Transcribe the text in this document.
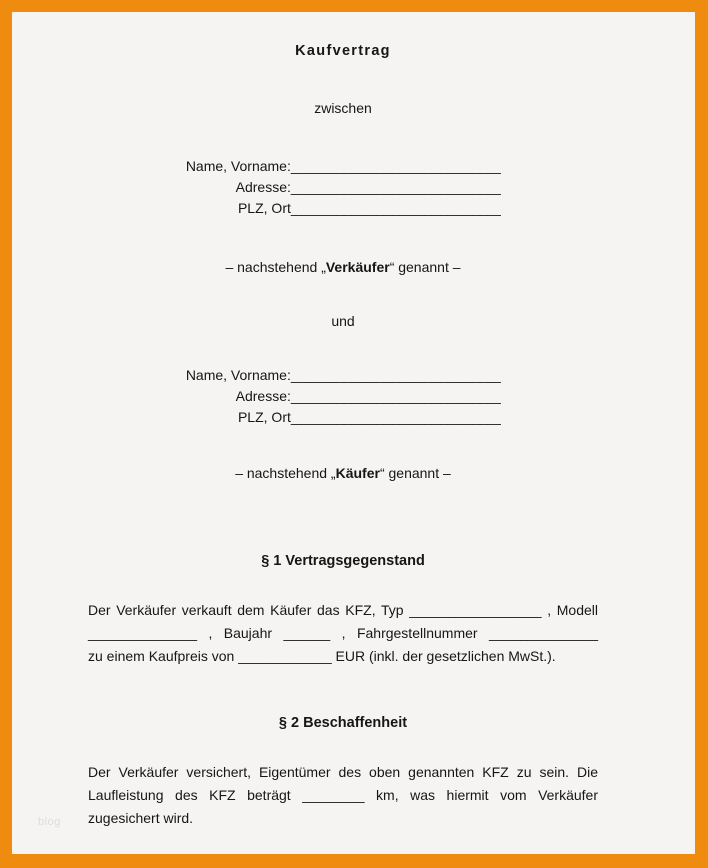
Kaufvertrag
zwischen
Name, Vorname: __________________________
Adresse: __________________________
PLZ, Ort __________________________
– nachstehend „Verkäufer“ genannt –
und
Name, Vorname: __________________________
Adresse: __________________________
PLZ, Ort __________________________
– nachstehend „Käufer“ genannt –
§ 1 Vertragsgegenstand
Der Verkäufer verkauft dem Käufer das KFZ, Typ _________________ , Modell
______________ , Baujahr ______ , Fahrgestellnummer ______________
zu einem Kaufpreis von ____________ EUR (inkl. der gesetzlichen MwSt.).
§ 2 Beschaffenheit
Der Verkäufer versichert, Eigentümer des oben genannten KFZ zu sein. Die
Laufleistung des KFZ beträgt ________ km, was hiermit vom Verkäufer
zugesichert wird.
blog
